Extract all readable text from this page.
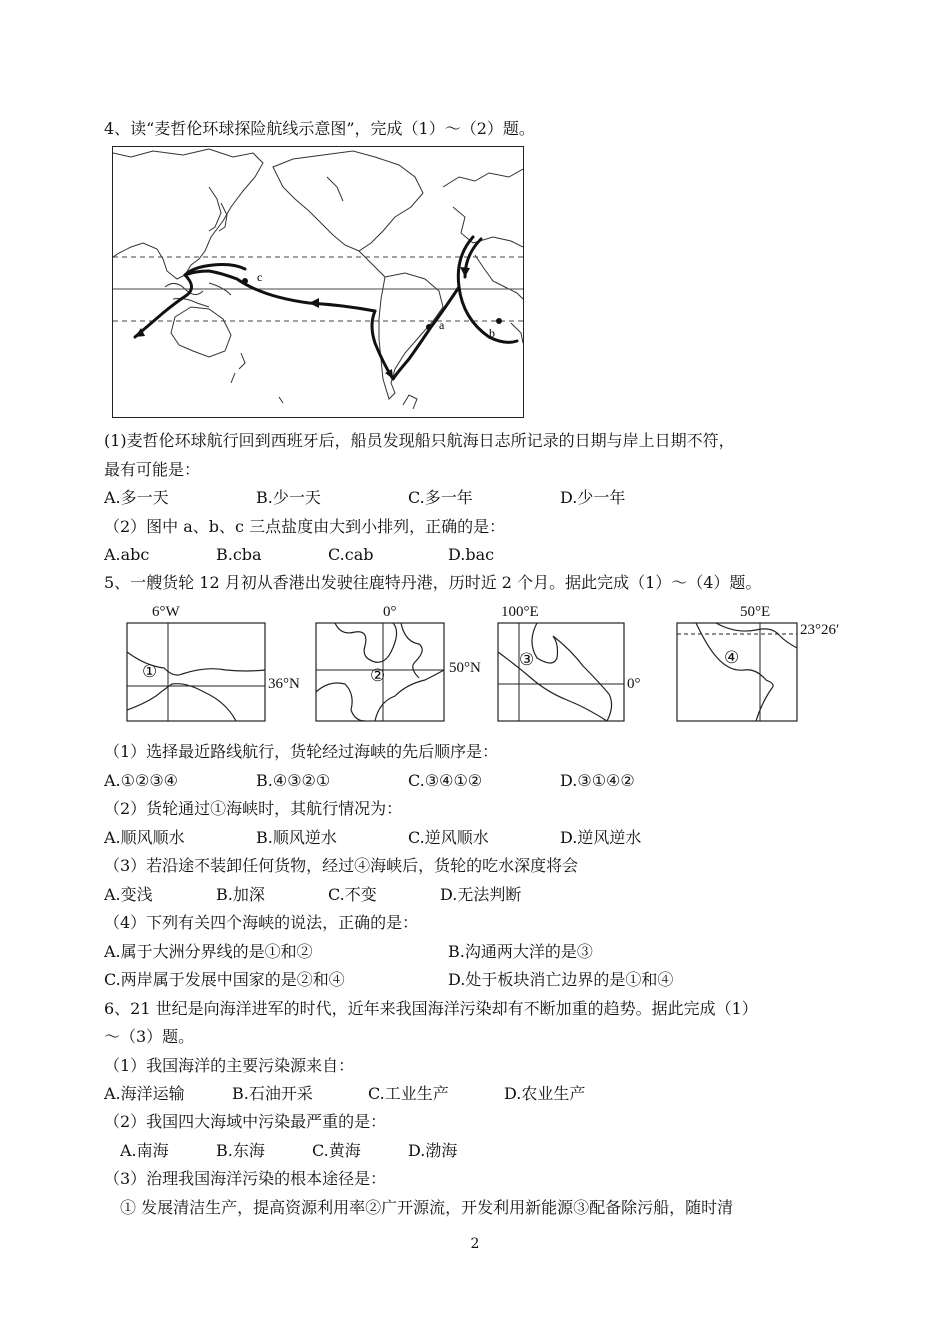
4、读“麦哲伦环球探险航线示意图”，完成（1）～（2）题。
a
b
c
(1)麦哲伦环球航行回到西班牙后，船员发现船只航海日志所记录的日期与岸上日期不符，
最有可能是：
A.多一天	B.少一天	C.多一年	D.少一年
（2）图中 a、b、c 三点盐度由大到小排列，正确的是：
A.abc	B.cba	C.cab	D.bac
5、一艘货轮 12 月初从香港出发驶往鹿特丹港，历时近 2 个月。据此完成（1）～（4）题。
6°W
①
36°N
0°
②	50°N
100°E
③
0°
50°E
④
23°26′
（1）选择最近路线航行，货轮经过海峡的先后顺序是：
A.①②③④	B.④③②①	C.③④①②	D.③①④②
（2）货轮通过①海峡时，其航行情况为：
A.顺风顺水	B.顺风逆水	C.逆风顺水	D.逆风逆水
（3）若沿途不装卸任何货物，经过④海峡后，货轮的吃水深度将会
A.变浅	B.加深	C.不变	D.无法判断
（4）下列有关四个海峡的说法，正确的是：
A.属于大洲分界线的是①和②	B.沟通两大洋的是③
C.两岸属于发展中国家的是②和④	D.处于板块消亡边界的是①和④
6、21 世纪是向海洋进军的时代，近年来我国海洋污染却有不断加重的趋势。据此完成（1）
～（3）题。
（1）我国海洋的主要污染源来自：
A.海洋运输	B.石油开采	C.工业生产	D.农业生产
（2）我国四大海域中污染最严重的是：
A.南海	B.东海	C.黄海	D.渤海
（3）治理我国海洋污染的根本途径是：
① 发展清洁生产，提高资源利用率②广开源流，开发利用新能源③配备除污船，随时清
2
